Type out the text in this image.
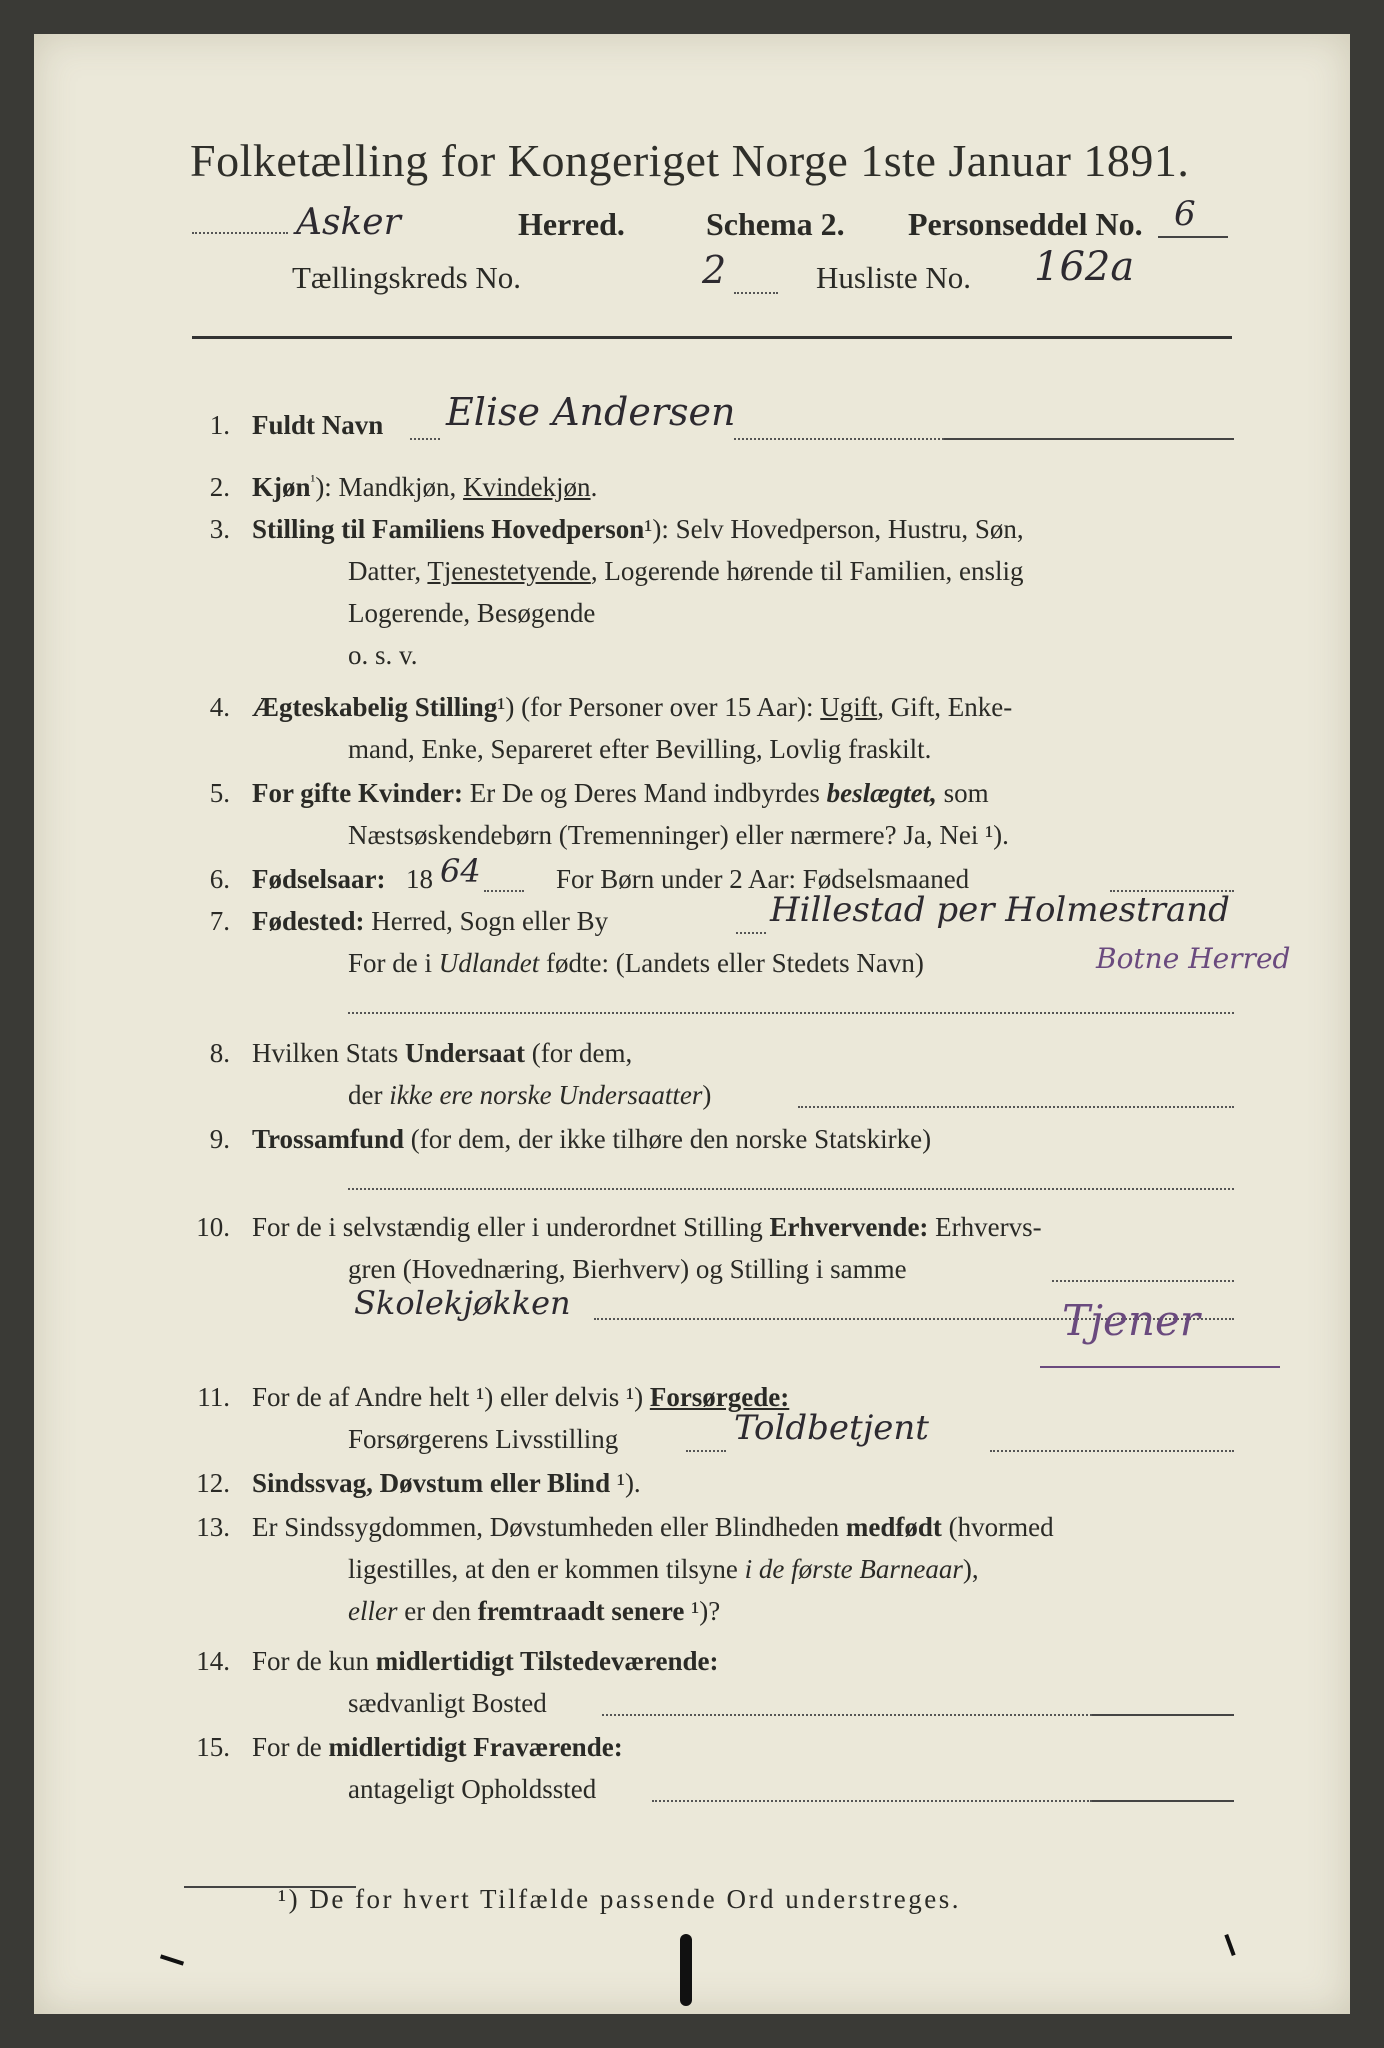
Folketælling for Kongeriget Norge 1ste Januar 1891.
Asker	Herred.	Schema 2. Personseddel No. 6
Tællingskreds No.	2	Husliste No. 162a
1. Fuldt Navn Elise Andersen
2. Kjøn$^{^1}$): Mandkjøn, Kvindekjøn.
3. Stilling til Familiens Hovedperson¹): Selv Hovedperson, Hustru, Søn,
Datter, Tjenestetyende, Logerende hørende til Familien, enslig
Logerende, Besøgende
o. s. v.
4. Ægteskabelig Stilling¹) (for Personer over 15 Aar): Ugift, Gift, Enke-
mand, Enke, Separeret efter Bevilling, Lovlig fraskilt.
5. For gifte Kvinder: Er De og Deres Mand indbyrdes beslægtet, som
Næstsøskendebørn (Tremenninger) eller nærmere? Ja, Nei ¹).
6. Fødselsaar: 18 64	For Børn under 2 Aar: Fødselsmaaned
7. Fødested: Herred, Sogn eller By	Hillestad per Holmestrand
For de i Udlandet fødte: (Landets eller Stedets Navn)	Botne Herred
8. Hvilken Stats Undersaat (for dem,
der ikke ere norske Undersaatter)
9. Trossamfund (for dem, der ikke tilhøre den norske Statskirke)
10. For de i selvstændig eller i underordnet Stilling Erhvervende: Erhvervs-
gren (Hovednæring, Bierhverv) og Stilling i samme
Skolekjøkken	Tjener
11. For de af Andre helt ¹) eller delvis ¹) Forsørgede:
Forsørgerens Livsstilling	Toldbetjent
12. Sindssvag, Døvstum eller Blind ¹).
13. Er Sindssygdommen, Døvstumheden eller Blindheden medfødt (hvormed
ligestilles, at den er kommen tilsyne i de første Barneaar),
eller er den fremtraadt senere ¹)?
14. For de kun midlertidigt Tilstedeværende:
sædvanligt Bosted
15. For de midlertidigt Fraværende:
antageligt Opholdssted
¹) De for hvert Tilfælde passende Ord understreges.
